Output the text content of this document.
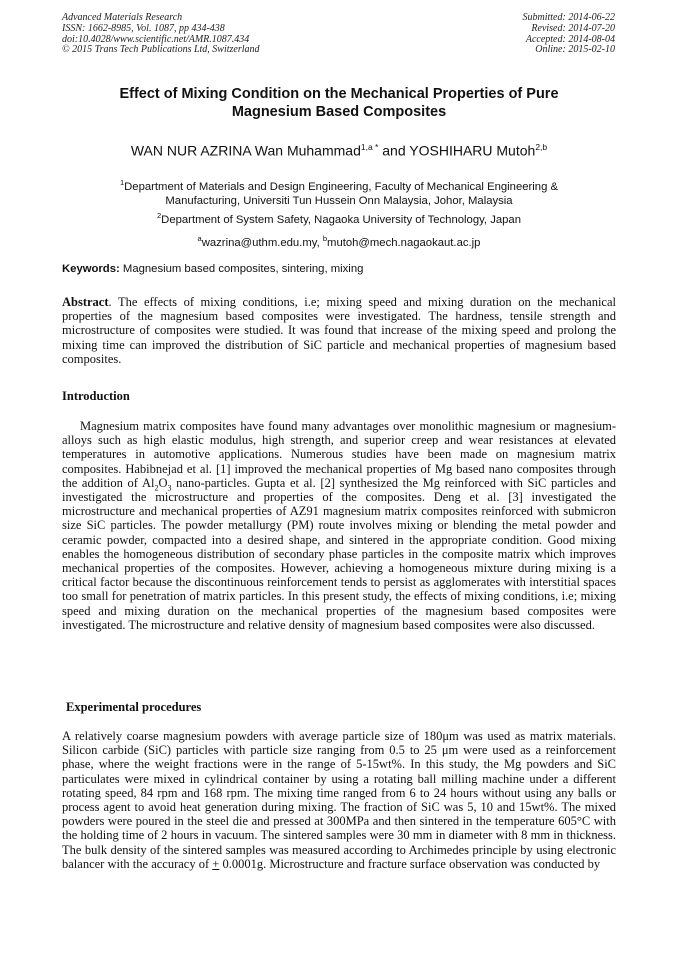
Advanced Materials Research
ISSN: 1662-8985, Vol. 1087, pp 434-438
doi:10.4028/www.scientific.net/AMR.1087.434
© 2015 Trans Tech Publications Ltd, Switzerland
Submitted: 2014-06-22
Revised: 2014-07-20
Accepted: 2014-08-04
Online: 2015-02-10
Effect of Mixing Condition on the Mechanical Properties of Pure
Magnesium Based Composites
WAN NUR AZRINA Wan Muhammad$^{1,a *}$ and YOSHIHARU Mutoh$^{2,b}$
$^1$Department of Materials and Design Engineering, Faculty of Mechanical Engineering &
Manufacturing, Universiti Tun Hussein Onn Malaysia, Johor, Malaysia
$^2$Department of System Safety, Nagaoka University of Technology, Japan
$^a$wazrina@uthm.edu.my, $^b$mutoh@mech.nagaokaut.ac.jp
Keywords: Magnesium based composites, sintering, mixing
Abstract. The effects of mixing conditions, i.e; mixing speed and mixing duration on the mechanical properties of the magnesium based composites were investigated. The hardness, tensile strength and microstructure of composites were studied. It was found that increase of the mixing speed and prolong the mixing time can improved the distribution of SiC particle and mechanical properties of magnesium based composites.
Introduction
Magnesium matrix composites have found many advantages over monolithic magnesium or magnesium-alloys such as high elastic modulus, high strength, and superior creep and wear resistances at elevated temperatures in automotive applications. Numerous studies have been made on magnesium matrix composites. Habibnejad et al. [1] improved the mechanical properties of Mg based nano composites through the addition of $Al_2O_3$ nano-particles. Gupta et al. [2] synthesized the Mg reinforced with SiC particles and investigated the microstructure and properties of the composites. Deng et al. [3] investigated the microstructure and mechanical properties of AZ91 magnesium matrix composites reinforced with submicron size SiC particles. The powder metallurgy (PM) route involves mixing or blending the metal powder and ceramic powder, compacted into a desired shape, and sintered in the appropriate condition. Good mixing enables the homogeneous distribution of secondary phase particles in the composite matrix which improves mechanical properties of the composites. However, achieving a homogeneous mixture during mixing is a critical factor because the discontinuous reinforcement tends to persist as agglomerates with interstitial spaces too small for penetration of matrix particles. In this present study, the effects of mixing conditions, i.e; mixing speed and mixing duration on the mechanical properties of the magnesium based composites were investigated. The microstructure and relative density of magnesium based composites were also discussed.
Experimental procedures
A relatively coarse magnesium powders with average particle size of 180μm was used as matrix materials. Silicon carbide (SiC) particles with particle size ranging from 0.5 to 25 μm were used as a reinforcement phase, where the weight fractions were in the range of 5-15wt%. In this study, the Mg powders and SiC particulates were mixed in cylindrical container by using a rotating ball milling machine under a different rotating speed, 84 rpm and 168 rpm. The mixing time ranged from 6 to 24 hours without using any balls or process agent to avoid heat generation during mixing. The fraction of SiC was 5, 10 and 15wt%. The mixed powders were poured in the steel die and pressed at 300MPa and then sintered in the temperature 605°C with the holding time of 2 hours in vacuum. The sintered samples were 30 mm in diameter with 8 mm in thickness. The bulk density of the sintered samples was measured according to Archimedes principle by using electronic balancer with the accuracy of + 0.0001g. Microstructure and fracture surface observation was conducted by
